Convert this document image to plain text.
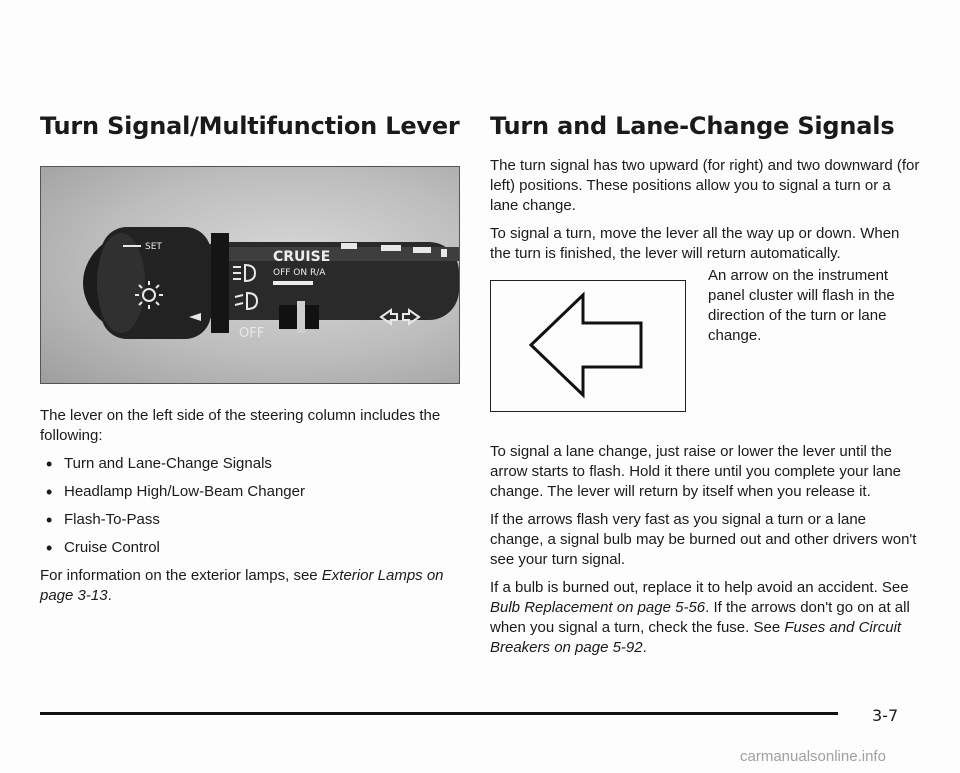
Turn Signal/Multifunction Lever
SET
OFF
CRUISE
OFF ON R/A

The lever on the left side of the steering column includes the following:

• Turn and Lane-Change Signals
• Headlamp High/Low-Beam Changer
• Flash-To-Pass
• Cruise Control

For information on the exterior lamps, see Exterior Lamps on page 3-13.

Turn and Lane-Change Signals

The turn signal has two upward (for right) and two downward (for left) positions. These positions allow you to signal a turn or a lane change.

To signal a turn, move the lever all the way up or down. When the turn is finished, the lever will return automatically.

An arrow on the instrument panel cluster will flash in the direction of the turn or lane change.

To signal a lane change, just raise or lower the lever until the arrow starts to flash. Hold it there until you complete your lane change. The lever will return by itself when you release it.

If the arrows flash very fast as you signal a turn or a lane change, a signal bulb may be burned out and other drivers won't see your turn signal.

If a bulb is burned out, replace it to help avoid an accident. See Bulb Replacement on page 5-56. If the arrows don't go on at all when you signal a turn, check the fuse. See Fuses and Circuit Breakers on page 5-92.

3-7
carmanualsonline.info
